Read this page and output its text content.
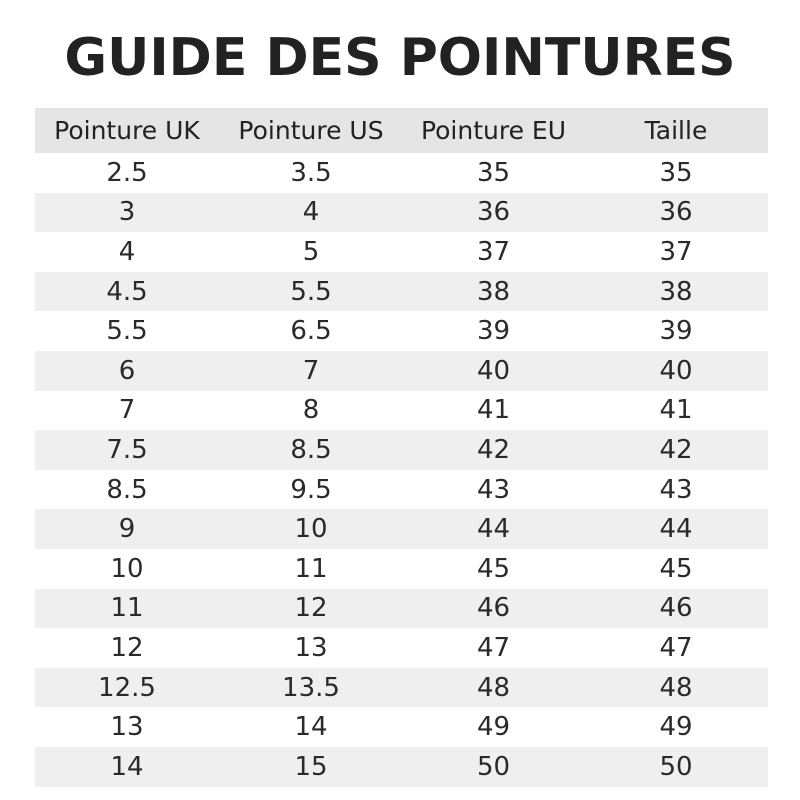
GUIDE DES POINTURES
Pointure UK	Pointure US	Pointure EU	Taille
2.5	3.5	35	35
3	4	36	36
4	5	37	37
4.5	5.5	38	38
5.5	6.5	39	39
6	7	40	40
7	8	41	41
7.5	8.5	42	42
8.5	9.5	43	43
9	10	44	44
10	11	45	45
11	12	46	46
12	13	47	47
12.5	13.5	48	48
13	14	49	49
14	15	50	50
